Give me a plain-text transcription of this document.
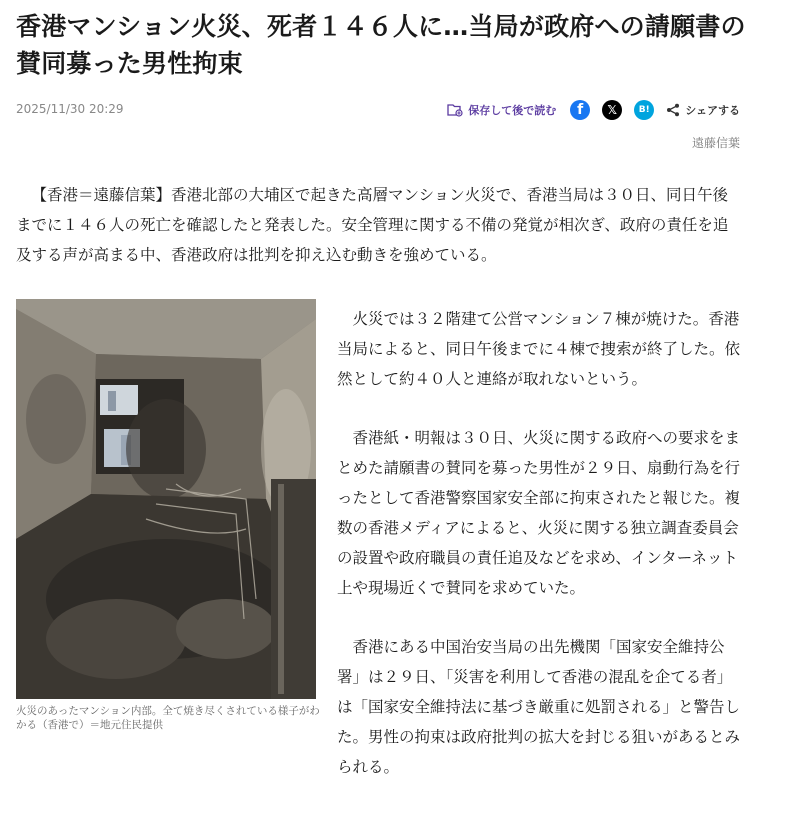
香港マンション火災、死者１４６人に…当局が政府への請願書の賛同募った男性拘束
2025/11/30 20:29	保存して後で読む f 𝕏 B!	シェアする
遠藤信葉

【香港＝遠藤信葉】香港北部の大埔区で起きた高層マンション火災で、香港当局は３０日、同日午後までに１４６人の死亡を確認したと発表した。安全管理に関する不備の発覚が相次ぎ、政府の責任を追及する声が高まる中、香港政府は批判を抑え込む動きを強めている。

火災のあったマンション内部。全て焼き尽くされている様子がわかる（香港で）＝地元住民提供

火災では３２階建て公営マンション７棟が焼けた。香港当局によると、同日午後までに４棟で捜索が終了した。依然として約４０人と連絡が取れないという。

香港紙・明報は３０日、火災に関する政府への要求をまとめた請願書の賛同を募った男性が２９日、扇動行為を行ったとして香港警察国家安全部に拘束されたと報じた。複数の香港メディアによると、火災に関する独立調査委員会の設置や政府職員の責任追及などを求め、インターネット上や現場近くで賛同を求めていた。

香港にある中国治安当局の出先機関「国家安全維持公署」は２９日、「災害を利用して香港の混乱を企てる者」は「国家安全維持法に基づき厳重に処罰される」と警告した。男性の拘束は政府批判の拡大を封じる狙いがあるとみられる。
